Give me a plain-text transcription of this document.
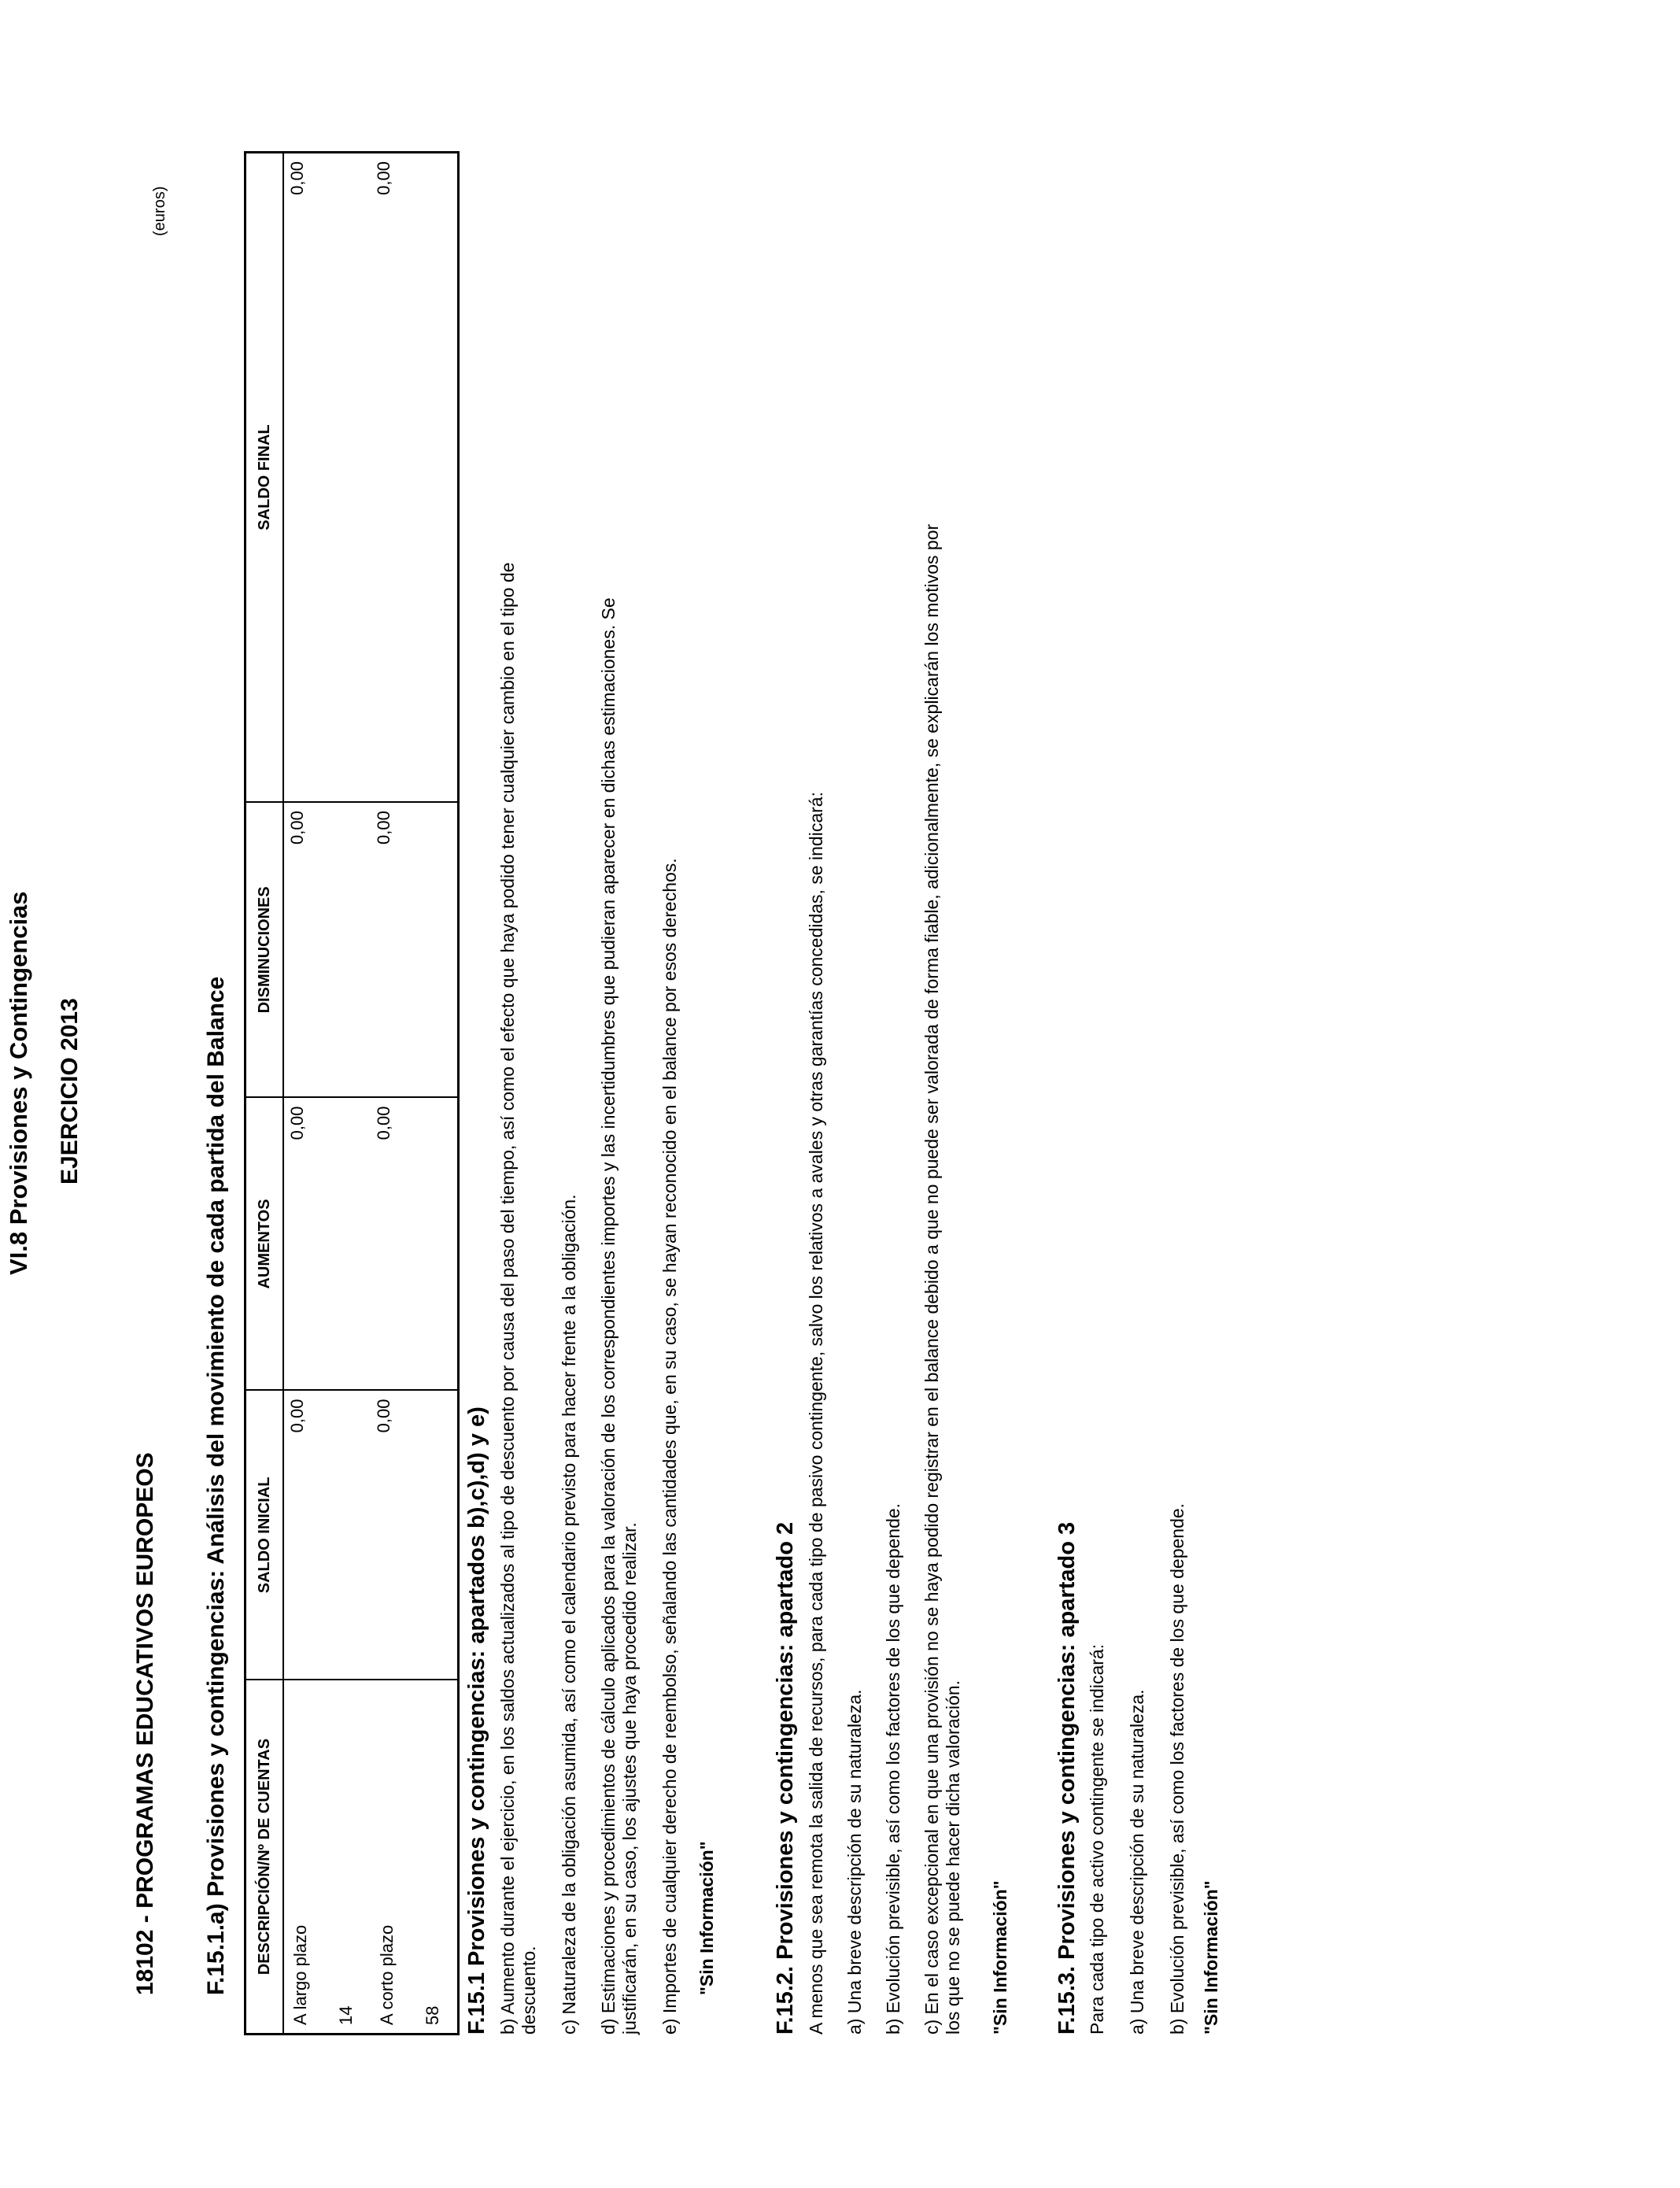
VI.8 Provisiones y Contingencias EJERCICIO 2013
(euros)
18102 - PROGRAMAS EDUCATIVOS EUROPEOS F.15.1.a) Provisiones y contingencias: Análisis del movimiento de cada partida del Balance DESCRIPCIÓN/Nº DE CUENTAS	SALDO INICIAL	AUMENTOS	DISMINUCIONES	SALDO FINAL
A largo plazo	0,00	0,00	0,00	0,00
14				
A corto plazo	0,00	0,00	0,00	0,00
58				F.15.1 Provisiones y contingencias: apartados b),c),d) y e) b) Aumento durante el ejercicio, en los saldos actualizados al tipo de descuento por causa del paso del tiempo, así como el efecto que haya podido tener cualquier cambio en el tipo de descuento. c) Naturaleza de la obligación asumida, así como el calendario previsto para hacer frente a la obligación. d) Estimaciones y procedimientos de cálculo aplicados para la valoración de los correspondientes importes y las incertidumbres que pudieran aparecer en dichas estimaciones. Se justificarán, en su caso, los ajustes que haya procedido realizar. e) Importes de cualquier derecho de reembolso, señalando las cantidades que, en su caso, se hayan reconocido en el balance por esos derechos. "Sin Información" F.15.2. Provisiones y contingencias: apartado 2 A menos que sea remota la salida de recursos, para cada tipo de pasivo contingente, salvo los relativos a avales y otras garantías concedidas, se indicará: a) Una breve descripción de su naturaleza. b) Evolución previsible, así como los factores de los que depende. c) En el caso excepcional en que una provisión no se haya podido registrar en el balance debido a que no puede ser valorada de forma fiable, adicionalmente, se explicarán los motivos por los que no se puede hacer dicha valoración. "Sin Información" F.15.3. Provisiones y contingencias: apartado 3 Para cada tipo de activo contingente se indicará: a) Una breve descripción de su naturaleza. b) Evolución previsible, así como los factores de los que depende. "Sin Información"
